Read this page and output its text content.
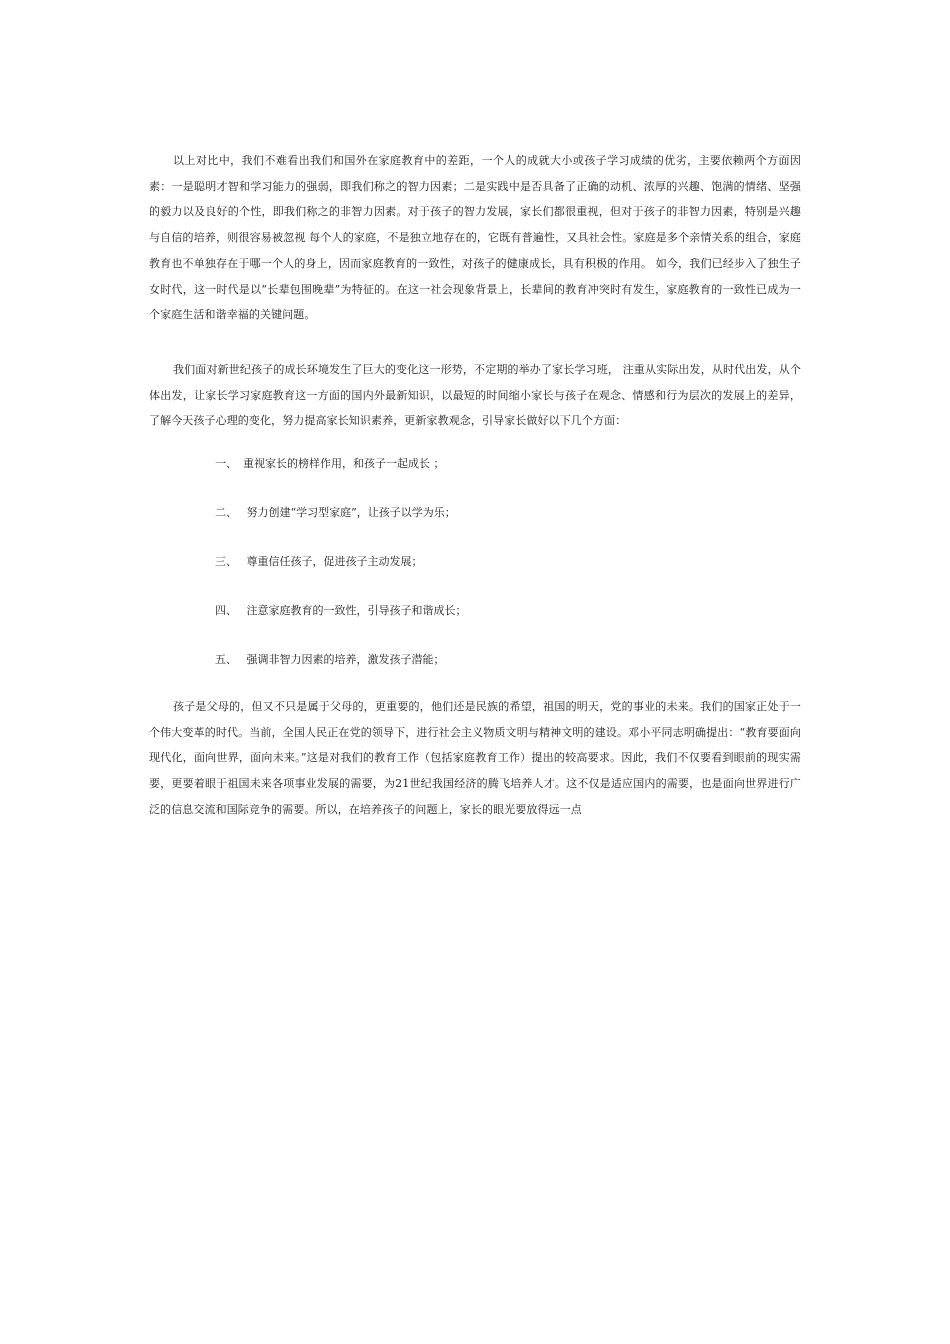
以上对比中，我们不难看出我们和国外在家庭教育中的差距，一个人的成就大小或孩子学习成绩的优劣，主要依赖两个方面因素：一是聪明才智和学习能力的强弱，即我们称之的智力因素；二是实践中是否具备了正确的动机、浓厚的兴趣、饱满的情绪、坚强的毅力以及良好的个性，即我们称之的非智力因素。对于孩子的智力发展，家长们都很重视，但对于孩子的非智力因素，特别是兴趣与自信的培养，则很容易被忽视 每个人的家庭，不是独立地存在的，它既有普遍性，又具社会性。家庭是多个亲情关系的组合，家庭教育也不单独存在于哪一个人的身上，因而家庭教育的一致性，对孩子的健康成长，具有积极的作用。 如今，我们已经步入了独生子女时代，这一时代是以“长辈包围晚辈”为特征的。在这一社会现象背景上，长辈间的教育冲突时有发生，家庭教育的一致性已成为一个家庭生活和谐幸福的关键问题。

我们面对新世纪孩子的成长环境发生了巨大的变化这一形势，不定期的举办了家长学习班， 注重从实际出发，从时代出发，从个体出发，让家长学习家庭教育这一方面的国内外最新知识，以最短的时间缩小家长与孩子在观念、情感和行为层次的发展上的差异， 了解今天孩子心理的变化，努力提高家长知识素养，更新家教观念，引导家长做好以下几个方面：

一、 重视家长的榜样作用，和孩子一起成长 ；
二、 努力创建“学习型家庭”，让孩子以学为乐；
三、 尊重信任孩子，促进孩子主动发展；
四、 注意家庭教育的一致性，引导孩子和谐成长；
五、 强调非智力因素的培养，激发孩子潜能；

孩子是父母的，但又不只是属于父母的，更重要的，他们还是民族的希望，祖国的明天，党的事业的未来。我们的国家正处于一个伟大变革的时代。当前，全国人民正在党的领导下，进行社会主义物质文明与精神文明的建设。邓小平同志明确提出：“教育要面向现代化，面向世界，面向未来。”这是对我们的教育工作（包括家庭教育工作）提出的较高要求。因此，我们不仅要看到眼前的现实需要，更要着眼于祖国未来各项事业发展的需要，为21世纪我国经济的腾飞培养人才。这不仅是适应国内的需要，也是面向世界进行广泛的信息交流和国际竞争的需要。所以，在培养孩子的问题上，家长的眼光要放得远一点
